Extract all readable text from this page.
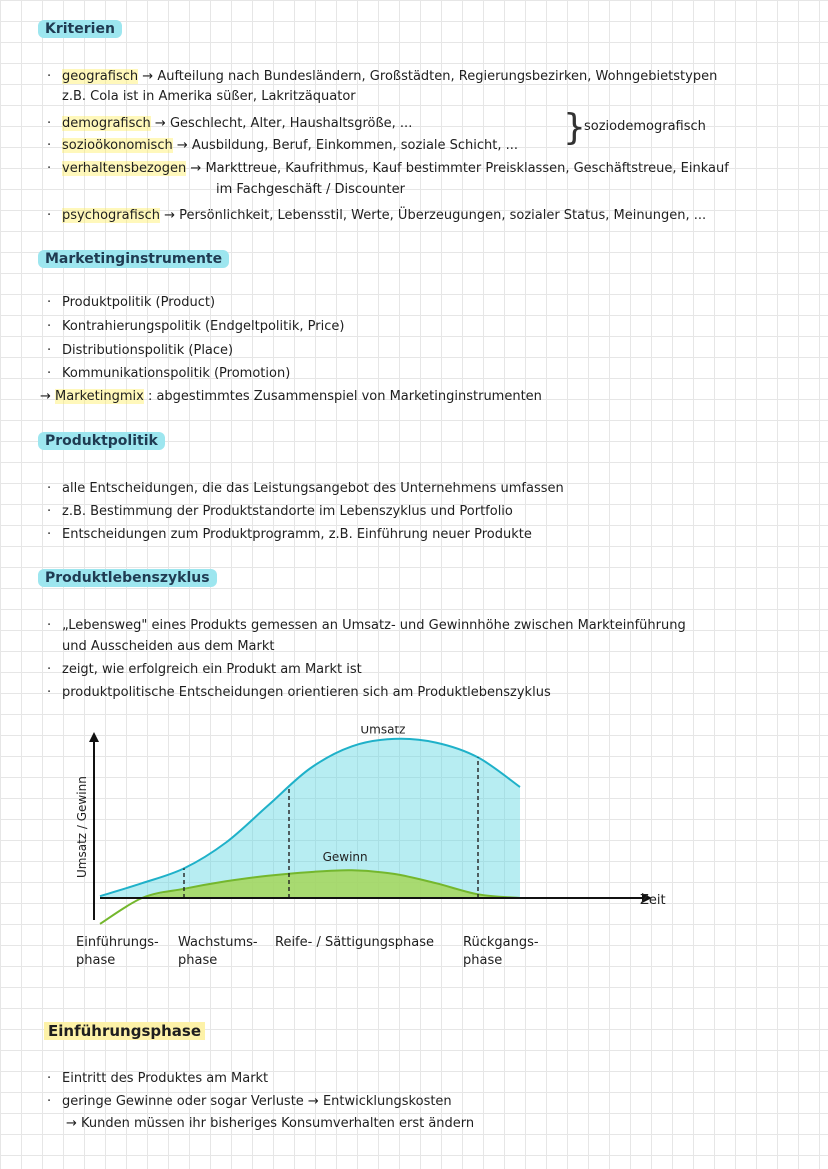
Kriterien
· geografisch → Aufteilung nach Bundesländern, Großstädten, Regierungsbezirken, Wohngebietstypen
z.B. Cola ist in Amerika süßer, Lakritzäquator
· demografisch → Geschlecht, Alter, Haushaltsgröße, ...
· sozioökonomisch → Ausbildung, Beruf, Einkommen, soziale Schicht, ... }
soziodemografisch
· verhaltensbezogen → Markttreue, Kaufrithmus, Kauf bestimmter Preisklassen, Geschäftstreue, Einkauf
im Fachgeschäft / Discounter
· psychografisch → Persönlichkeit, Lebensstil, Werte, Überzeugungen, sozialer Status, Meinungen, ...
Marketinginstrumente
· Produktpolitik (Product)
· Kontrahierungspolitik (Endgeltpolitik, Price)
· Distributionspolitik (Place)
· Kommunikationspolitik (Promotion)
→ Marketingmix : abgestimmtes Zusammenspiel von Marketinginstrumenten
Produktpolitik
· alle Entscheidungen, die das Leistungsangebot des Unternehmens umfassen
· z.B. Bestimmung der Produktstandorte im Lebenszyklus und Portfolio
· Entscheidungen zum Produktprogramm, z.B. Einführung neuer Produkte
Produktlebenszyklus
· „Lebensweg" eines Produkts gemessen an Umsatz- und Gewinnhöhe zwischen Markteinführung
und Ausscheiden aus dem Markt
· zeigt, wie erfolgreich ein Produkt am Markt ist
· produktpolitische Entscheidungen orientieren sich am Produktlebenszyklus
Umsatz
Gewinn
Umsatz / Gewinn
Zeit
Einführungs-
phase
Wachstums-
phase
Reife- / Sättigungsphase Rückgangs-
phase
Einführungsphase
· Eintritt des Produktes am Markt
· geringe Gewinne oder sogar Verluste → Entwicklungskosten
→ Kunden müssen ihr bisheriges Konsumverhalten erst ändern
